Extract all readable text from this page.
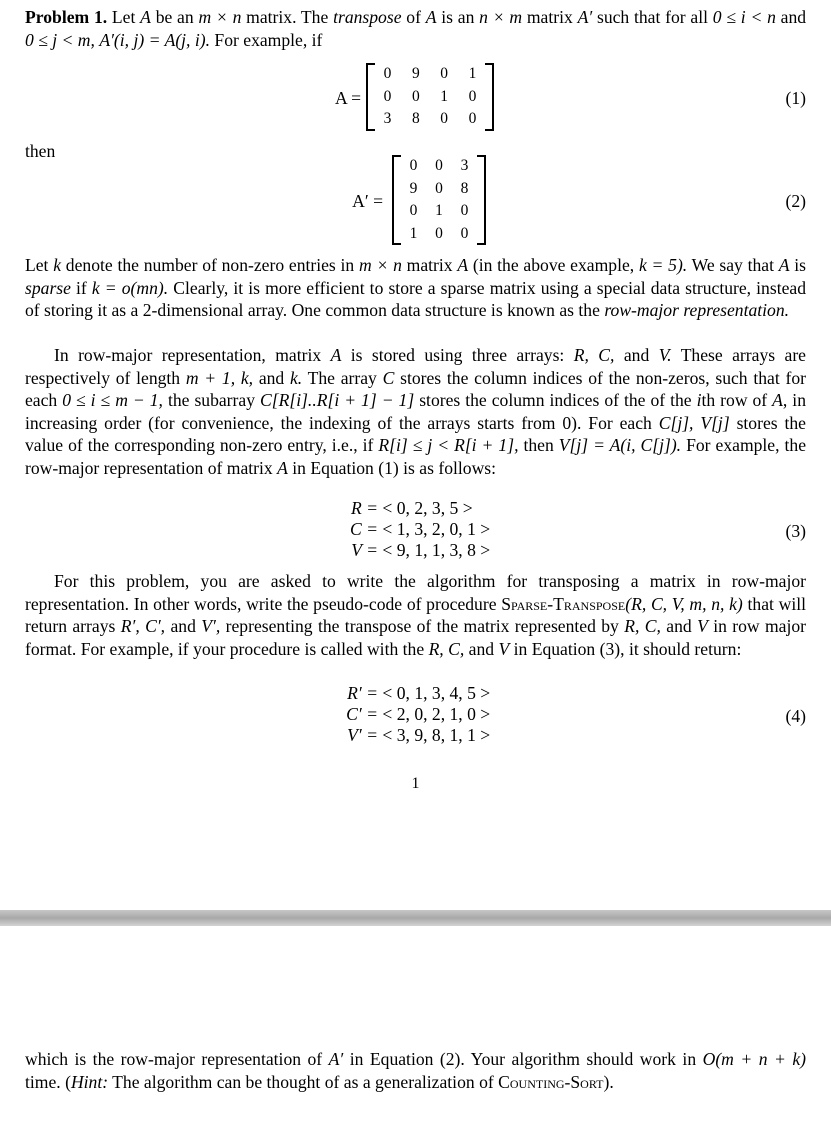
Problem 1. Let A be an m × n matrix. The transpose of A is an n × m matrix A′ such that for all 0 ≤ i < n and 0 ≤ j < m, A′(i, j) = A(j, i). For example, if

A =
0 9 0 1
0 0 1 0
3 8 0 0
(1)

then

A′ =
0 0 3
9 0 8
0 1 0
1 0 0
(2)

Let k denote the number of non-zero entries in m × n matrix A (in the above example, k = 5). We say that A is sparse if k = o(mn). Clearly, it is more efficient to store a sparse matrix using a special data structure, instead of storing it as a 2-dimensional array. One common data structure is known as the row-major representation.

In row-major representation, matrix A is stored using three arrays: R, C, and V. These arrays are respectively of length m + 1, k, and k. The array C stores the column indices of the non-zeros, such that for each 0 ≤ i ≤ m − 1, the subarray C[R[i]..R[i + 1] − 1] stores the column indices of the of the ith row of A, in increasing order (for convenience, the indexing of the arrays starts from 0). For each C[j], V[j] stores the value of the corresponding non-zero entry, i.e., if R[i] ≤ j < R[i + 1], then V[j] = A(i, C[j]). For example, the row-major representation of matrix A in Equation (1) is as follows:

R = < 0, 2, 3, 5 >
C = < 1, 3, 2, 0, 1 >
V = < 9, 1, 1, 3, 8 >
(3)

For this problem, you are asked to write the algorithm for transposing a matrix in row-major representation. In other words, write the pseudo-code of procedure Sparse-Transpose(R, C, V, m, n, k) that will return arrays R′, C′, and V′, representing the transpose of the matrix represented by R, C, and V in row major format. For example, if your procedure is called with the R, C, and V in Equation (3), it should return:

R′ = < 0, 1, 3, 4, 5 >
C′ = < 2, 0, 2, 1, 0 >
V′ = < 3, 9, 8, 1, 1 >
(4)
1

which is the row-major representation of A′ in Equation (2). Your algorithm should work in O(m + n + k) time. (Hint: The algorithm can be thought of as a generalization of Counting-Sort).
